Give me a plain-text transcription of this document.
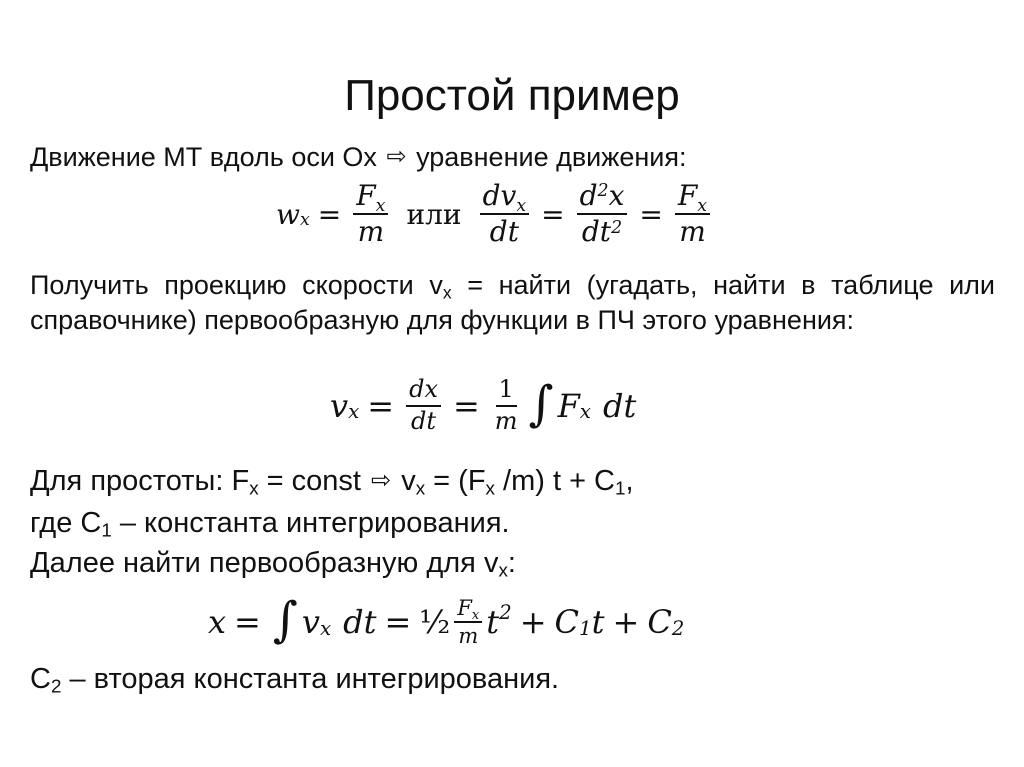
Простой пример
Движение МТ вдоль оси Ox ⇨ уравнение движения:
w $x = \frac{Fx}{m}$ или $\frac{\text{dvx}}{dt} = \frac{d^2x}{dt^2} = \frac{Fx}{m}$
Получить проекцию скорости $v_x$ = найти (угадать, найти в таблице или справочнике) первообразную для функции в ПЧ этого уравнения:
v $x = \frac{dx}{dt} = \frac{1}{m}$ ∫ F x dt
Для простоты: $F_x$ = const ⇨ $v_x = (F_x$ /m) $t + C_1$,
где $C_1$ – константа интегрирования.
Далее найти первообразную для $v_x$:
x = ∫ v x dt = ½ $\frac{Fx}{m}$ t 2 + C 1 t + C 2
$C_2$ – вторая константа интегрирования.
